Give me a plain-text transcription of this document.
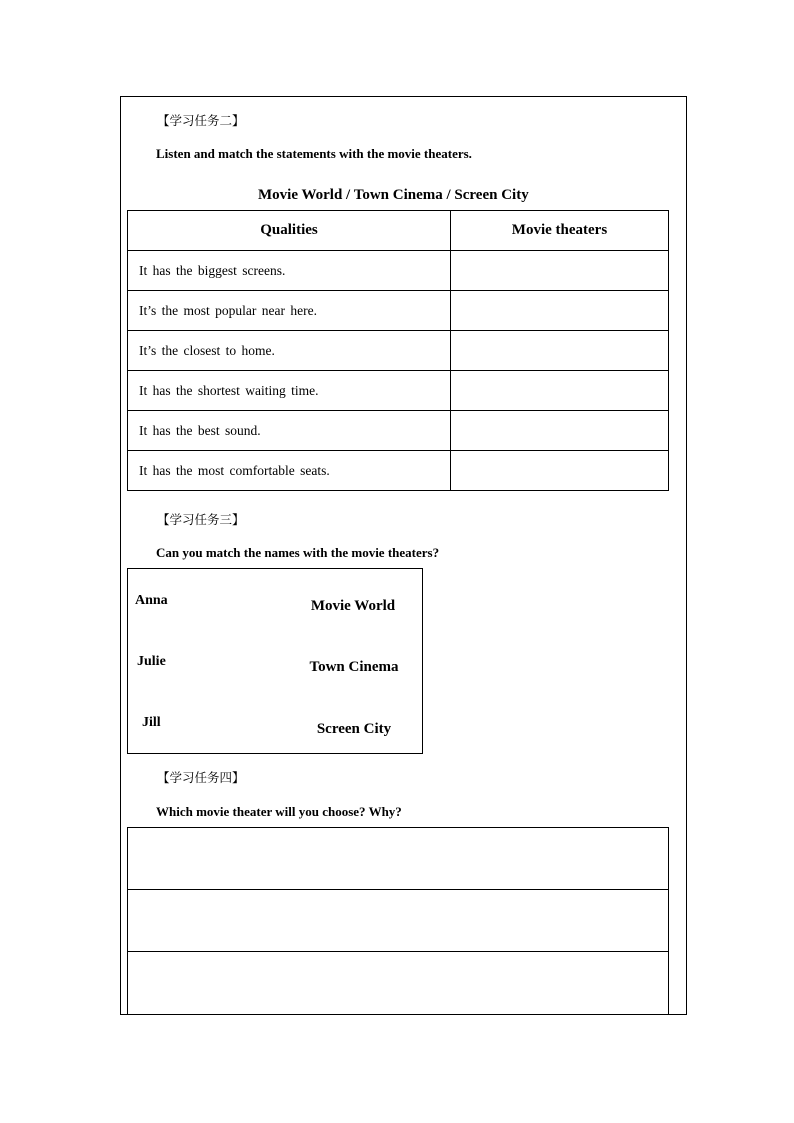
【学习任务二】
Listen and match the statements with the movie theaters.
Movie World / Town Cinema / Screen City
Qualities	Movie theaters
It has the biggest screens.	
It’s the most popular near here.	
It’s the closest to home.	
It has the shortest waiting time.	
It has the best sound.	
It has the most comfortable seats.	
【学习任务三】
Can you match the names with the movie theaters?
Anna
Julie
Jill
Movie World
Town Cinema
Screen City
【学习任务四】
Which movie theater will you choose? Why?
